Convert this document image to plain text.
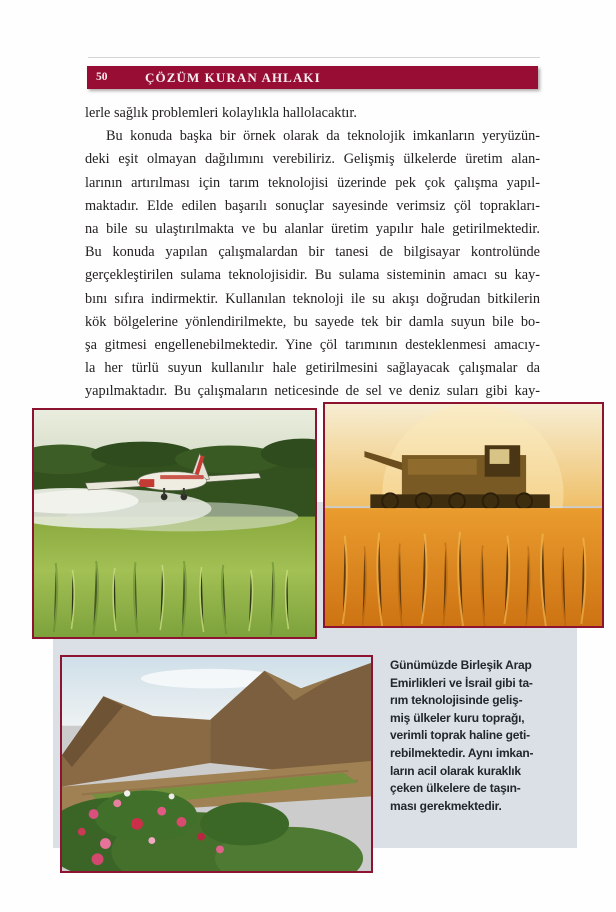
50	ÇÖZÜM KURAN AHLAKI
lerle sağlık problemleri kolaylıkla hallolacaktır.
Bu konuda başka bir örnek olarak da teknolojik imkanların yeryüzün-
deki eşit olmayan dağılımını verebiliriz. Gelişmiş ülkelerde üretim alan-
larının artırılması için tarım teknolojisi üzerinde pek çok çalışma yapıl-
maktadır. Elde edilen başarılı sonuçlar sayesinde verimsiz çöl toprakları-
na bile su ulaştırılmakta ve bu alanlar üretim yapılır hale getirilmektedir.
Bu konuda yapılan çalışmalardan bir tanesi de bilgisayar kontrolünde
gerçekleştirilen sulama teknolojisidir. Bu sulama sisteminin amacı su kay-
bını sıfıra indirmektir. Kullanılan teknoloji ile su akışı doğrudan bitkilerin
kök bölgelerine yönlendirilmekte, bu sayede tek bir damla suyun bile bo-
şa gitmesi engellenebilmektedir. Yine çöl tarımının desteklenmesi amacıy-
la her türlü suyun kullanılır hale getirilmesini sağlayacak çalışmalar da
yapılmaktadır. Bu çalışmaların neticesinde de sel ve deniz suları gibi kay-
Günümüzde Birleşik Arap
Emirlikleri ve İsrail gibi ta-
rım teknolojisinde geliş-
miş ülkeler kuru toprağı,
verimli toprak haline geti-
rebilmektedir. Aynı imkan-
ların acil olarak kuraklık
çeken ülkelere de taşın-
ması gerekmektedir.
